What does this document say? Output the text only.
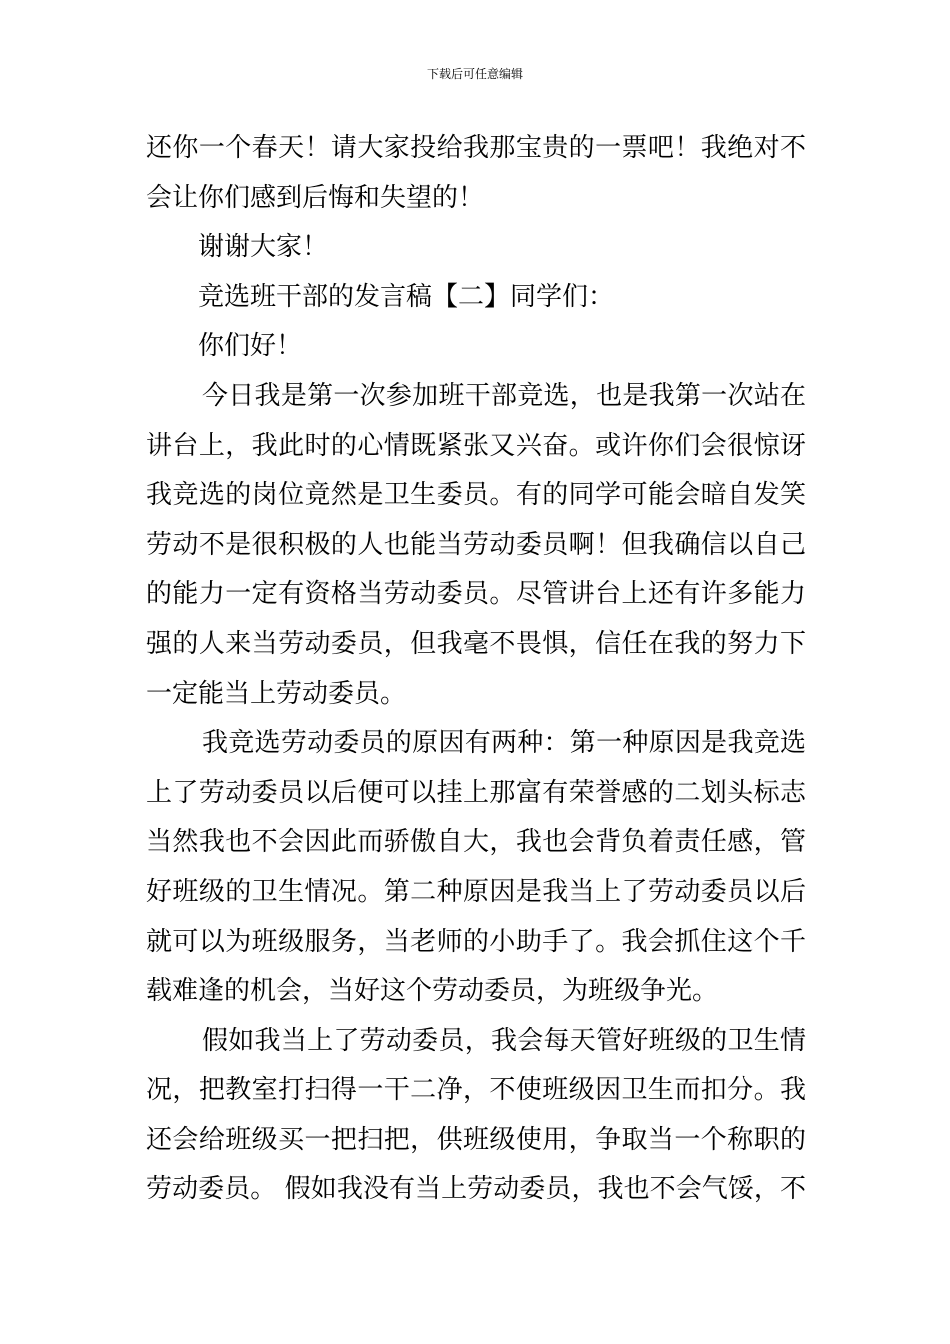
下载后可任意编辑
还你一个春天！请大家投给我那宝贵的一票吧！我绝对不
会让你们感到后悔和失望的！
谢谢大家！
竞选班干部的发言稿【二】同学们：
你们好！
今日我是第一次参加班干部竞选，也是我第一次站在
讲台上，我此时的心情既紧张又兴奋。或许你们会很惊讶
我竞选的岗位竟然是卫生委员。有的同学可能会暗自发笑
劳动不是很积极的人也能当劳动委员啊！但我确信以自己
的能力一定有资格当劳动委员。尽管讲台上还有许多能力
强的人来当劳动委员，但我毫不畏惧，信任在我的努力下
一定能当上劳动委员。
我竞选劳动委员的原因有两种：第一种原因是我竞选
上了劳动委员以后便可以挂上那富有荣誉感的二划头标志
当然我也不会因此而骄傲自大，我也会背负着责任感，管
好班级的卫生情况。第二种原因是我当上了劳动委员以后
就可以为班级服务，当老师的小助手了。我会抓住这个千
载难逢的机会，当好这个劳动委员，为班级争光。
假如我当上了劳动委员，我会每天管好班级的卫生情
况，把教室打扫得一干二净，不使班级因卫生而扣分。我
还会给班级买一把扫把，供班级使用，争取当一个称职的
劳动委员。 假如我没有当上劳动委员，我也不会气馁，不
